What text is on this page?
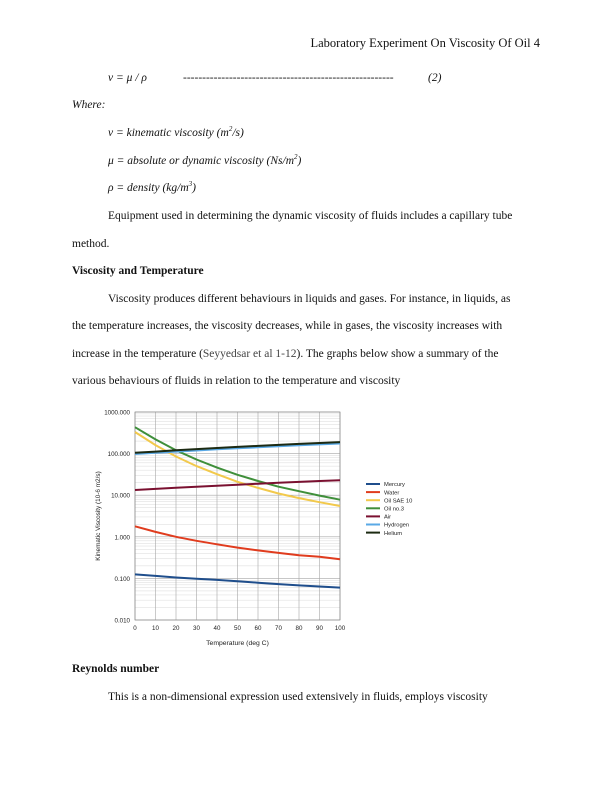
Laboratory Experiment On Viscosity Of Oil 4
v = μ / ρ	-------------------------------------------------------	(2)
Where:
v = kinematic viscosity $(m^2/s)$
μ = absolute or dynamic viscosity $(Ns/m^2)$
ρ = density $(kg/m^3)$
Equipment used in determining the dynamic viscosity of fluids includes a capillary tube
method.
Viscosity and Temperature
Viscosity produces different behaviours in liquids and gases. For instance, in liquids, as
the temperature increases, the viscosity decreases, while in gases, the viscosity increases with
increase in the temperature (Seyyedsar et al 1-12). The graphs below show a summary of the
various behaviours of fluids in relation to the temperature and viscosity
1000.000
100.000
10.000
1.000
0.100
0.010
0 10 20 30 40 50 60 70 80 90 100
Temperature (deg C)
Kinematic Viscosity (10-6 m2/s)	Mercury
Water
Oil SAE 10
Oil no.3
Air
Hydrogen
Helium
Reynolds number
This is a non-dimensional expression used extensively in fluids, employs viscosity
